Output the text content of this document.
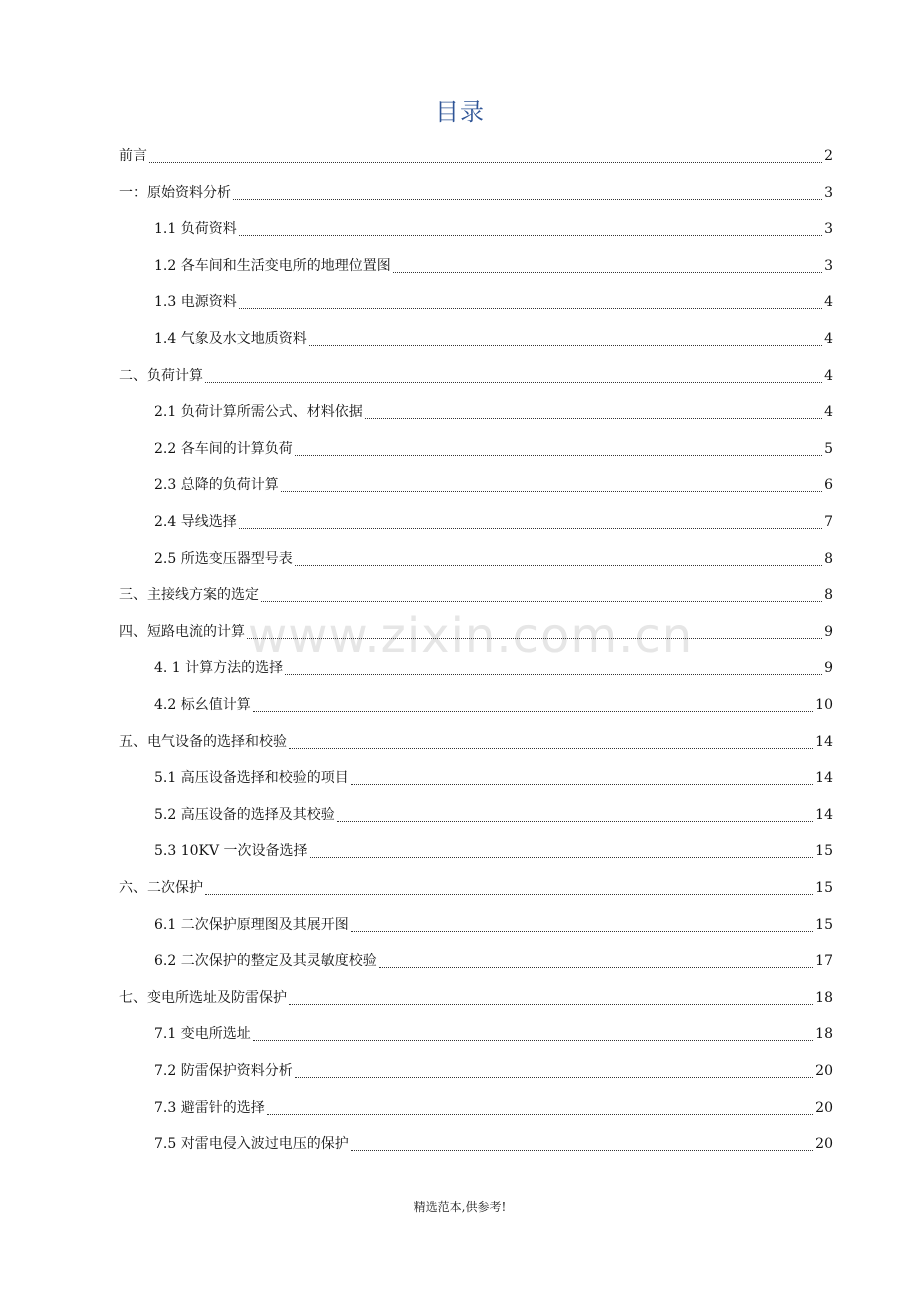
目录
www.zixin.com.cn
前言	2
一：原始资料分析	3
1.1 负荷资料	3
1.2 各车间和生活变电所的地理位置图	3
1.3 电源资料	4
1.4 气象及水文地质资料	4
二、负荷计算	4
2.1 负荷计算所需公式、材料依据	4
2.2 各车间的计算负荷	5
2.3 总降的负荷计算	6
2.4 导线选择	7
2.5 所选变压器型号表	8
三、主接线方案的选定	8
四、短路电流的计算	9
4. 1 计算方法的选择	9
4.2 标幺值计算	10
五、电气设备的选择和校验	14
5.1 高压设备选择和校验的项目	14
5.2 高压设备的选择及其校验	14
5.3 10KV 一次设备选择	15
六、二次保护	15
6.1 二次保护原理图及其展开图	15
6.2 二次保护的整定及其灵敏度校验	17
七、变电所选址及防雷保护	18
7.1 变电所选址	18
7.2 防雷保护资料分析	20
7.3 避雷针的选择	20
7.5 对雷电侵入波过电压的保护	20
精选范本,供参考!
